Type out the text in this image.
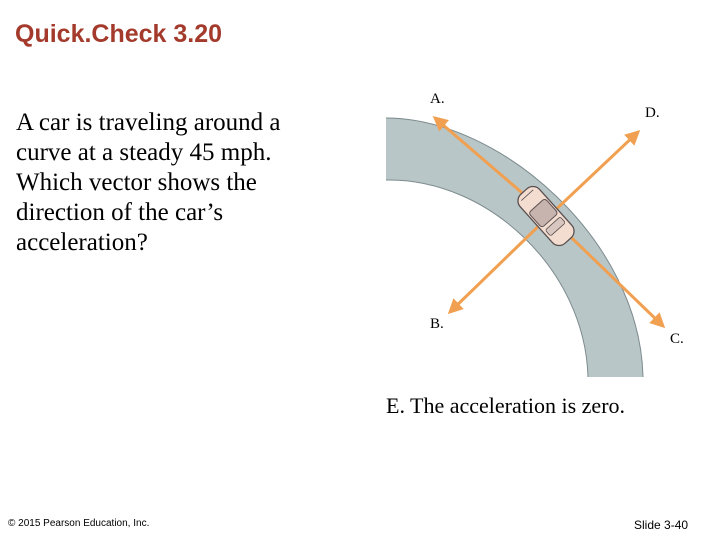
Quick.Check 3.20
A car is traveling around a
curve at a steady 45 mph.
Which vector shows the
direction of the car’s
acceleration?
A.
D.
B.
C.
E. The acceleration is zero.
© 2015 Pearson Education, Inc.	Slide 3-40
